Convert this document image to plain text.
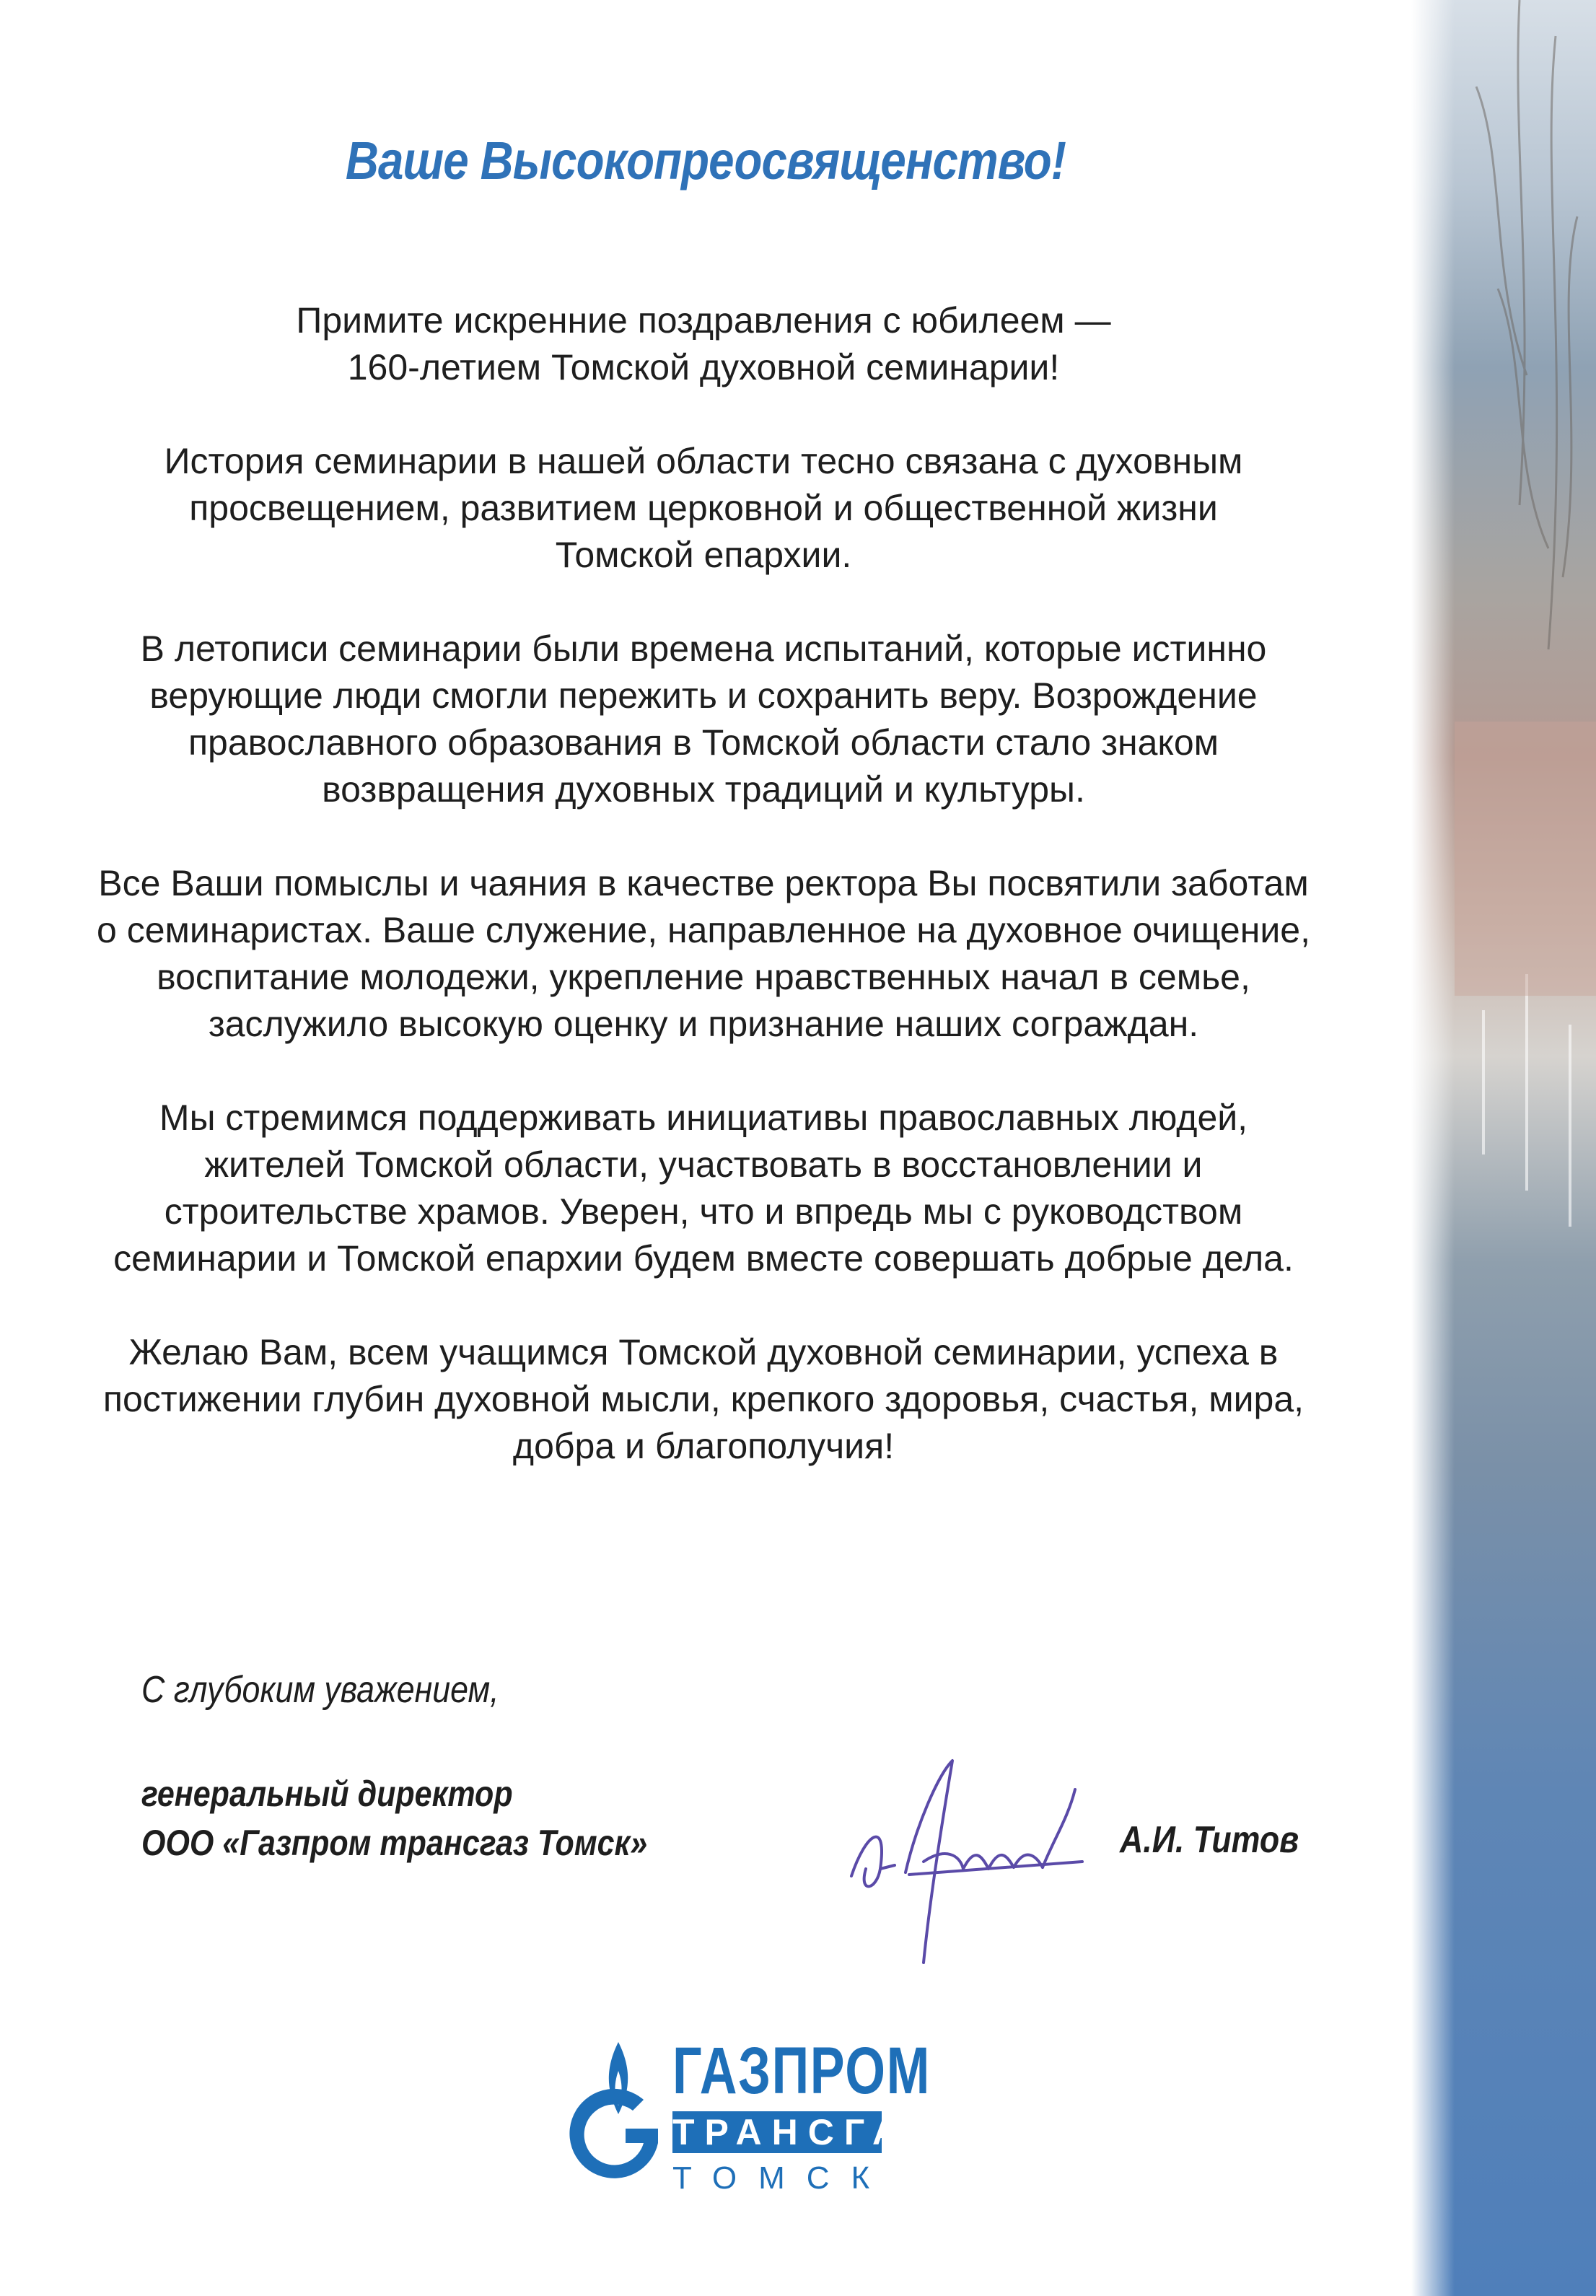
Ваше Высокопреосвященство!

Примите искренние поздравления с юбилеем —
160-летием Томской духовной семинарии!

История семинарии в нашей области тесно связана с духовным
просвещением, развитием церковной и общественной жизни
Томской епархии.

В летописи семинарии были времена испытаний, которые истинно
верующие люди смогли пережить и сохранить веру. Возрождение
православного образования в Томской области стало знаком
возвращения духовных традиций и культуры.

Все Ваши помыслы и чаяния в качестве ректора Вы посвятили заботам
о семинаристах. Ваше служение, направленное на духовное очищение,
воспитание молодежи, укрепление нравственных начал в семье,
заслужило высокую оценку и признание наших сограждан.

Мы стремимся поддерживать инициативы православных людей,
жителей Томской области, участвовать в восстановлении и
строительстве храмов. Уверен, что и впредь мы с руководством
семинарии и Томской епархии будем вместе совершать добрые дела.

Желаю Вам, всем учащимся Томской духовной семинарии, успеха в
постижении глубин духовной мысли, крепкого здоровья, счастья, мира,
добра и благополучия!

С глубоким уважением,
генеральный директор
ООО «Газпром трансгаз Томск»	А.И. Титов
ГАЗПРОМ
ТРАНСГАЗ
ТОМСК
